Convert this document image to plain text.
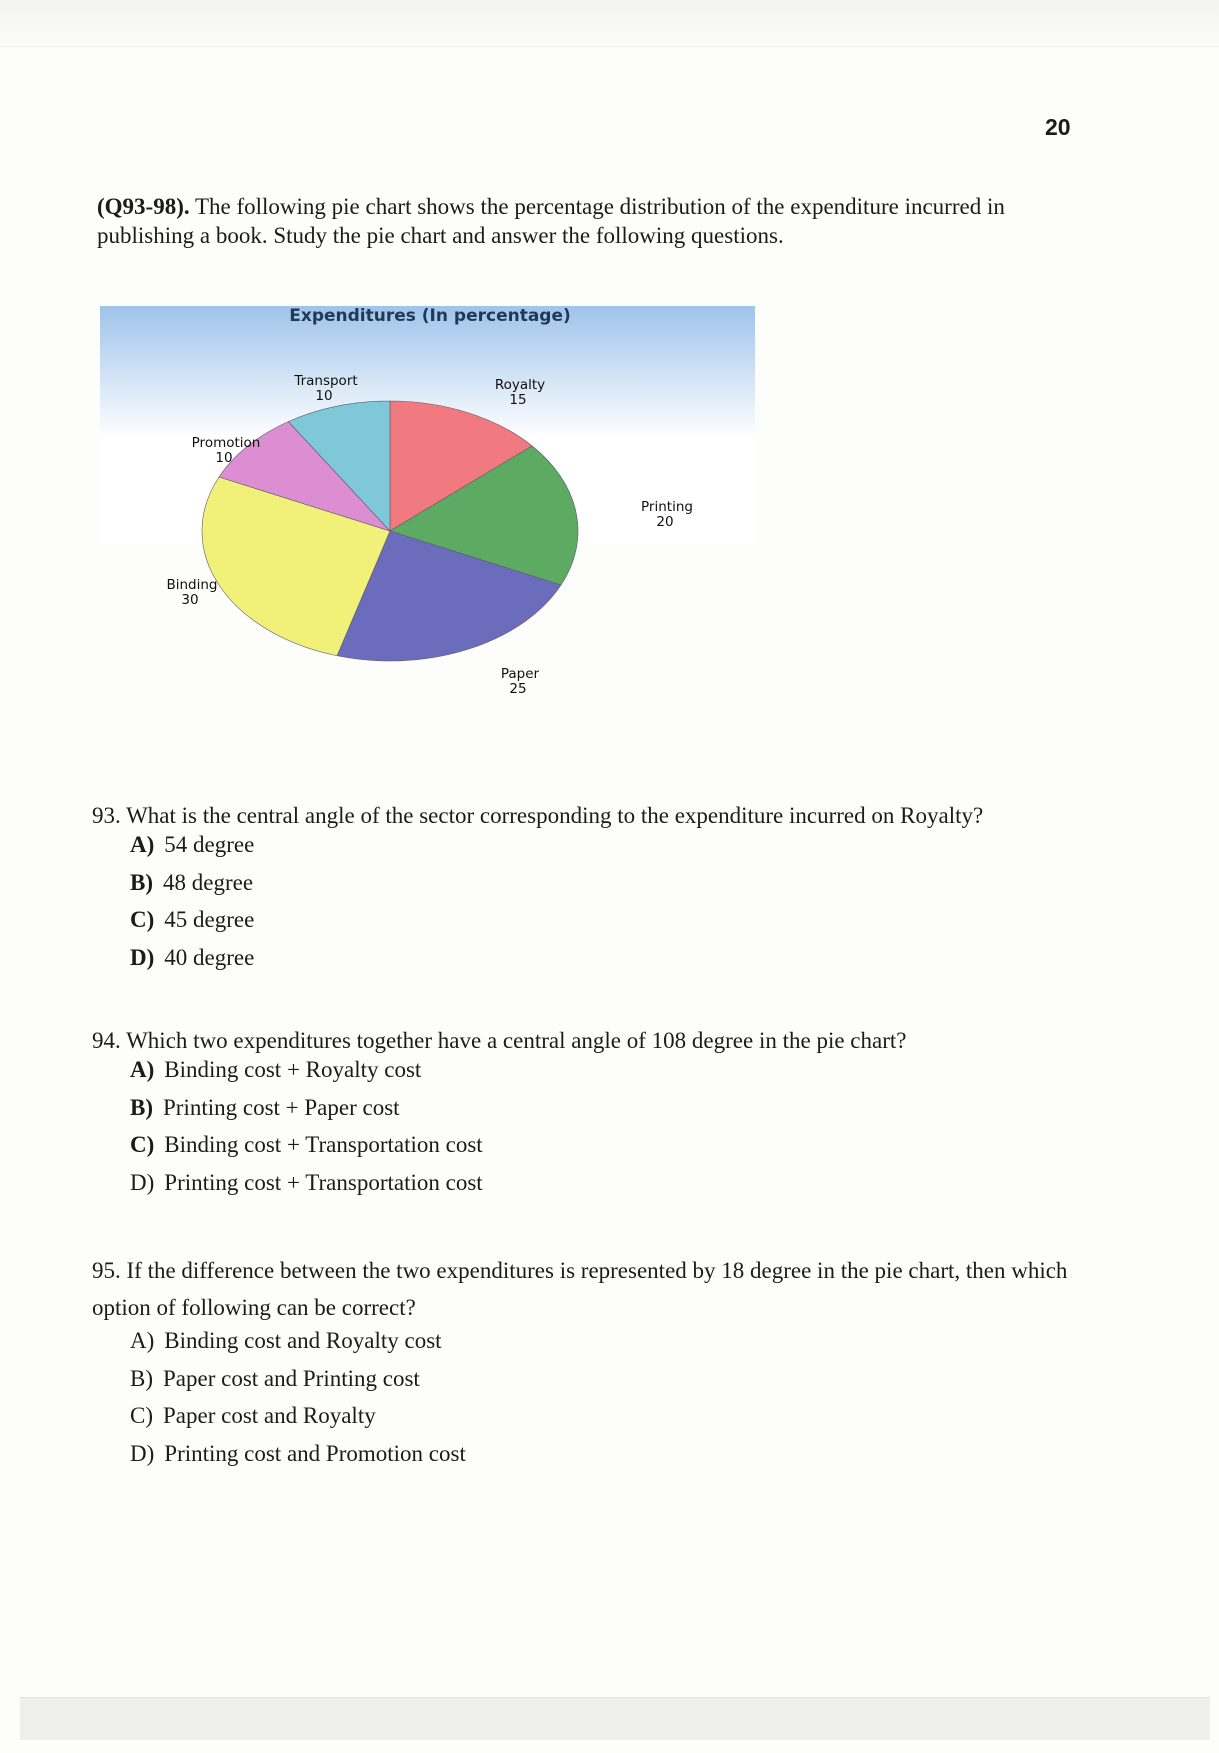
20
(Q93-98). The following pie chart shows the percentage distribution of the expenditure incurred in publishing a book. Study the pie chart and answer the following questions.
Expenditures (In percentage)
Royalty
15
Printing
20
Paper
25
Binding
30
Promotion
10
Transport
10

93. What is the central angle of the sector corresponding to the expenditure incurred on Royalty?

A) 54 degree
B) 48 degree
C) 45 degree
D) 40 degree

94. Which two expenditures together have a central angle of 108 degree in the pie chart?

A) Binding cost + Royalty cost
B) Printing cost + Paper cost
C) Binding cost + Transportation cost
D) Printing cost + Transportation cost

95. If the difference between the two expenditures is represented by 18 degree in the pie chart, then which option of following can be correct?

A) Binding cost and Royalty cost
B) Paper cost and Printing cost
C) Paper cost and Royalty
D) Printing cost and Promotion cost
